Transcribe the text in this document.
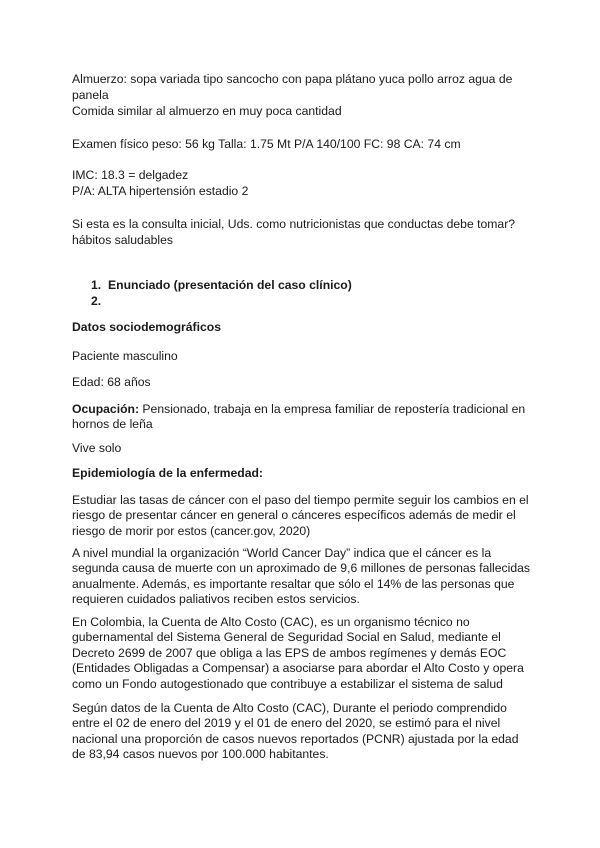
Almuerzo: sopa variada tipo sancocho con papa plátano yuca pollo arroz agua de
panela
Comida similar al almuerzo en muy poca cantidad
Examen físico peso: 56 kg Talla: 1.75 Mt P/A 140/100 FC: 98 CA: 74 cm
IMC: 18.3 = delgadez
P/A: ALTA hipertensión estadio 2
Si esta es la consulta inicial, Uds. como nutricionistas que conductas debe tomar?
hábitos saludables
1. Enunciado (presentación del caso clínico)
2.
Datos sociodemográficos
Paciente masculino
Edad: 68 años
Ocupación: Pensionado, trabaja en la empresa familiar de repostería tradicional en hornos de leña
Vive solo
Epidemiología de la enfermedad:
Estudiar las tasas de cáncer con el paso del tiempo permite seguir los cambios en el riesgo de presentar cáncer en general o cánceres específicos además de medir el riesgo de morir por estos (cancer.gov, 2020)
A nivel mundial la organización “World Cancer Day” indica que el cáncer es la segunda causa de muerte con un aproximado de 9,6 millones de personas fallecidas anualmente. Además, es importante resaltar que sólo el 14% de las personas que requieren cuidados paliativos reciben estos servicios.
En Colombia, la Cuenta de Alto Costo (CAC), es un organismo técnico no gubernamental del Sistema General de Seguridad Social en Salud, mediante el Decreto 2699 de 2007 que obliga a las EPS de ambos regímenes y demás EOC (Entidades Obligadas a Compensar) a asociarse para abordar el Alto Costo y opera como un Fondo autogestionado que contribuye a estabilizar el sistema de salud
Según datos de la Cuenta de Alto Costo (CAC), Durante el periodo comprendido entre el 02 de enero del 2019 y el 01 de enero del 2020, se estimó para el nivel nacional una proporción de casos nuevos reportados (PCNR) ajustada por la edad de 83,94 casos nuevos por 100.000 habitantes.
